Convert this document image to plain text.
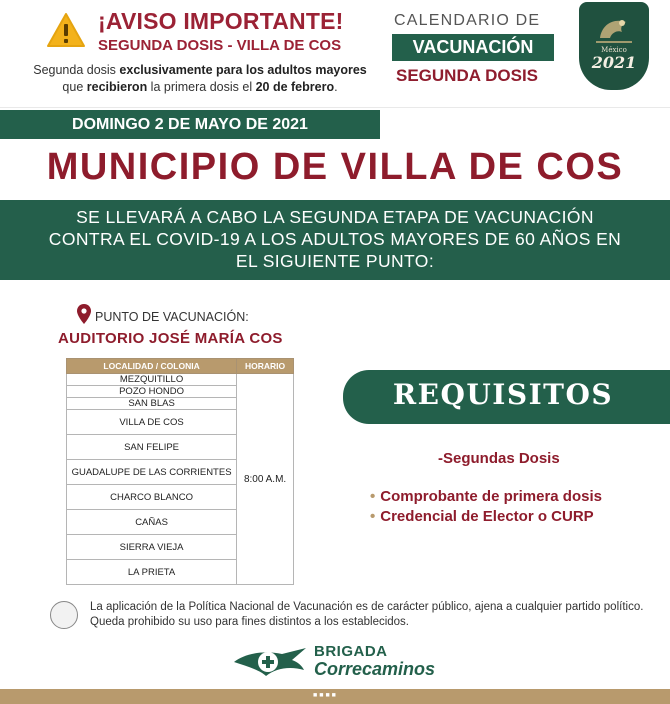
¡AVISO IMPORTANTE!
SEGUNDA DOSIS - VILLA DE COS
Segunda dosis exclusivamente para los adultos mayores
que recibieron la primera dosis el 20 de febrero.
CALENDARIO DE
VACUNACIÓN
SEGUNDA DOSIS
México
2021
DOMINGO 2 DE MAYO DE 2021
MUNICIPIO DE VILLA DE COS
SE LLEVARÁ A CABO LA SEGUNDA ETAPA DE VACUNACIÓN CONTRA EL COVID-19 A LOS ADULTOS MAYORES DE 60 AÑOS EN EL SIGUIENTE PUNTO:
PUNTO DE VACUNACIÓN:
AUDITORIO JOSÉ MARÍA COS
LOCALIDAD / COLONIA	HORARIO
MEZQUITILLO	8:00 A.M.
POZO HONDO	
SAN BLAS	
VILLA DE COS	
SAN FELIPE	
GUADALUPE DE LAS CORRIENTES	
CHARCO BLANCO	
CAÑAS	
SIERRA VIEJA	
LA PRIETA	
REQUISITOS
-Segundas Dosis
• Comprobante de primera dosis
• Credencial de Elector o CURP
La aplicación de la Política Nacional de Vacunación es de carácter público, ajena a cualquier partido político. Queda prohibido su uso para fines distintos a los establecidos.
BRIGADA
Correcaminos
■■■■
